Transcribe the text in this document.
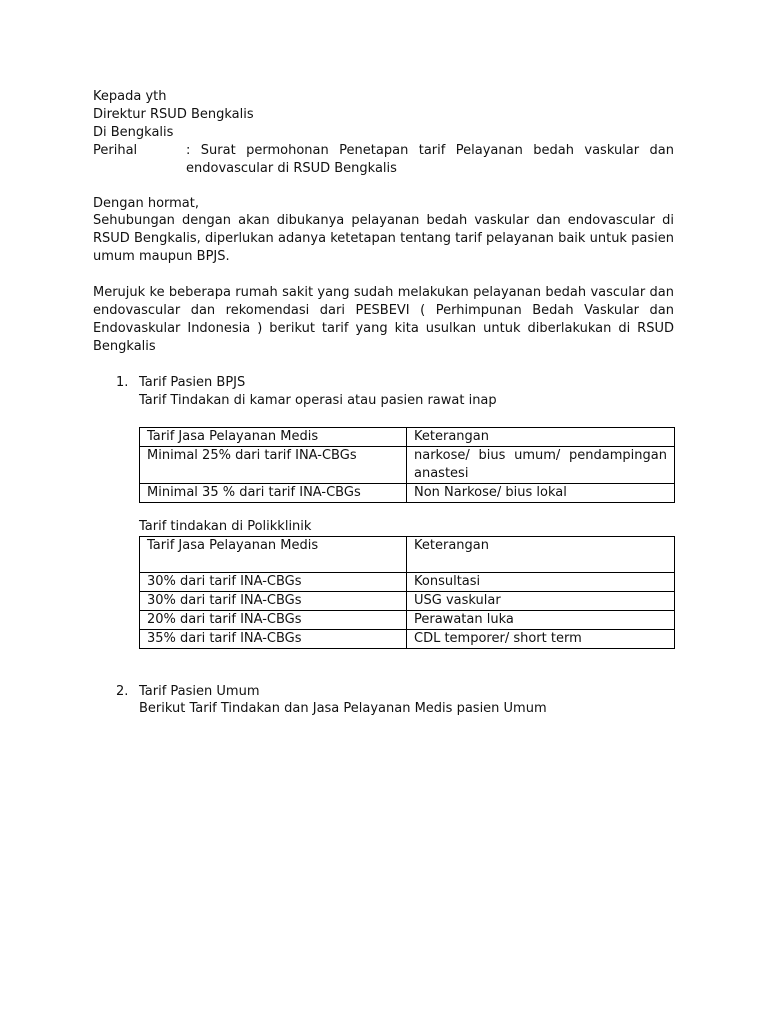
Kepada yth
Direktur RSUD Bengkalis
Di Bengkalis
Perihal	: Surat permohonan Penetapan tarif Pelayanan bedah vaskular dan endovascular di RSUD Bengkalis
Dengan hormat,
Sehubungan dengan akan dibukanya pelayanan bedah vaskular dan endovascular di RSUD Bengkalis, diperlukan adanya ketetapan tentang tarif pelayanan baik untuk pasien umum maupun BPJS.
Merujuk ke beberapa rumah sakit yang sudah melakukan pelayanan bedah vascular dan endovascular dan rekomendasi dari PESBEVI ( Perhimpunan Bedah Vaskular dan Endovaskular Indonesia ) berikut tarif yang kita usulkan untuk diberlakukan di RSUD Bengkalis
1. Tarif Pasien BPJS
Tarif Tindakan di kamar operasi atau pasien rawat inap
Tarif Jasa Pelayanan Medis	Keterangan
Minimal 25% dari tarif INA-CBGs	narkose/ bius umum/ pendampingan anastesi
Minimal 35 % dari tarif INA-CBGs	Non Narkose/ bius lokal
Tarif tindakan di Polikklinik
Tarif Jasa Pelayanan Medis	Keterangan
30% dari tarif INA-CBGs	Konsultasi
30% dari tarif INA-CBGs	USG vaskular
20% dari tarif INA-CBGs	Perawatan luka
35% dari tarif INA-CBGs	CDL temporer/ short term
2. Tarif Pasien Umum
Berikut Tarif Tindakan dan Jasa Pelayanan Medis pasien Umum
